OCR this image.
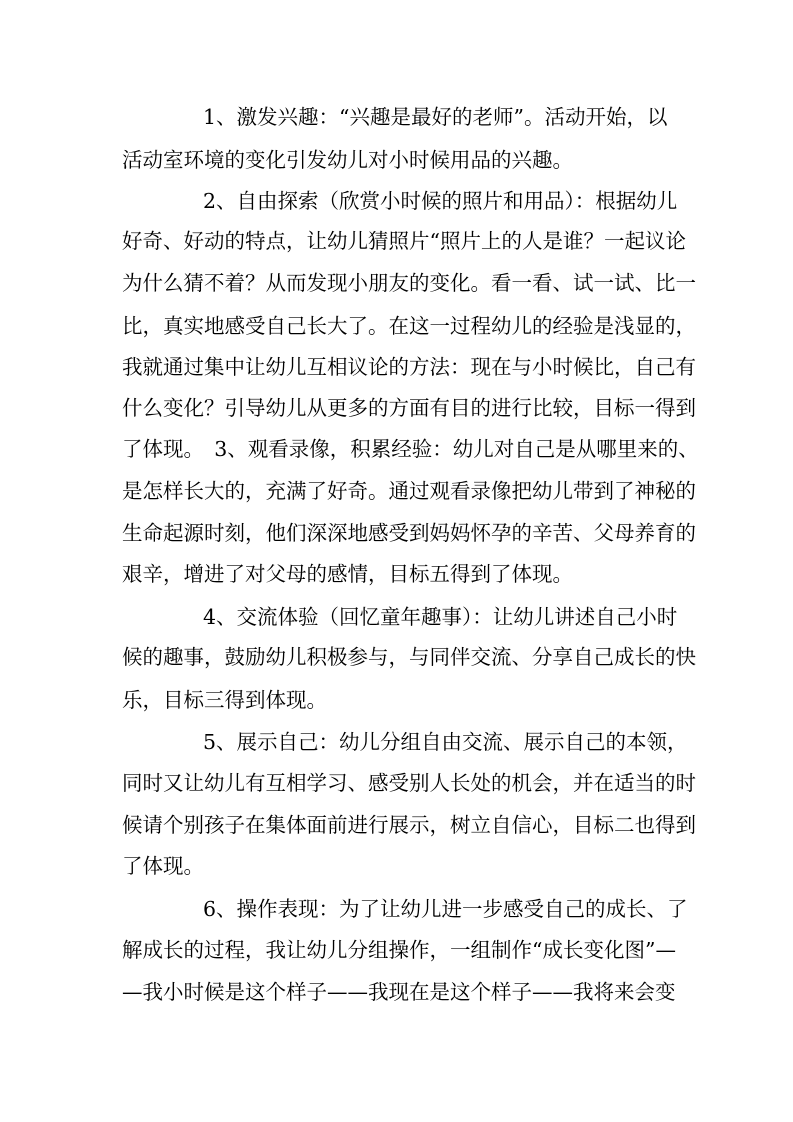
1、激发兴趣：“兴趣是最好的老师”。活动开始，以
活动室环境的变化引发幼儿对小时候用品的兴趣。
2、自由探索（欣赏小时候的照片和用品）：根据幼儿
好奇、好动的特点，让幼儿猜照片“照片上的人是谁？一起议论
为什么猜不着？从而发现小朋友的变化。看一看、试一试、比一
比，真实地感受自己长大了。在这一过程幼儿的经验是浅显的，
我就通过集中让幼儿互相议论的方法：现在与小时候比，自己有
什么变化？引导幼儿从更多的方面有目的进行比较，目标一得到
了体现。　3、观看录像，积累经验：幼儿对自己是从哪里来的、
是怎样长大的，充满了好奇。通过观看录像把幼儿带到了神秘的
生命起源时刻，他们深深地感受到妈妈怀孕的辛苦、父母养育的
艰辛，增进了对父母的感情，目标五得到了体现。
4、交流体验（回忆童年趣事）：让幼儿讲述自己小时
候的趣事，鼓励幼儿积极参与，与同伴交流、分享自己成长的快
乐，目标三得到体现。
5、展示自己：幼儿分组自由交流、展示自己的本领，
同时又让幼儿有互相学习、感受别人长处的机会，并在适当的时
候请个别孩子在集体面前进行展示，树立自信心，目标二也得到
了体现。
6、操作表现：为了让幼儿进一步感受自己的成长、了
解成长的过程，我让幼儿分组操作，一组制作“成长变化图”—
—我小时候是这个样子——我现在是这个样子——我将来会变
